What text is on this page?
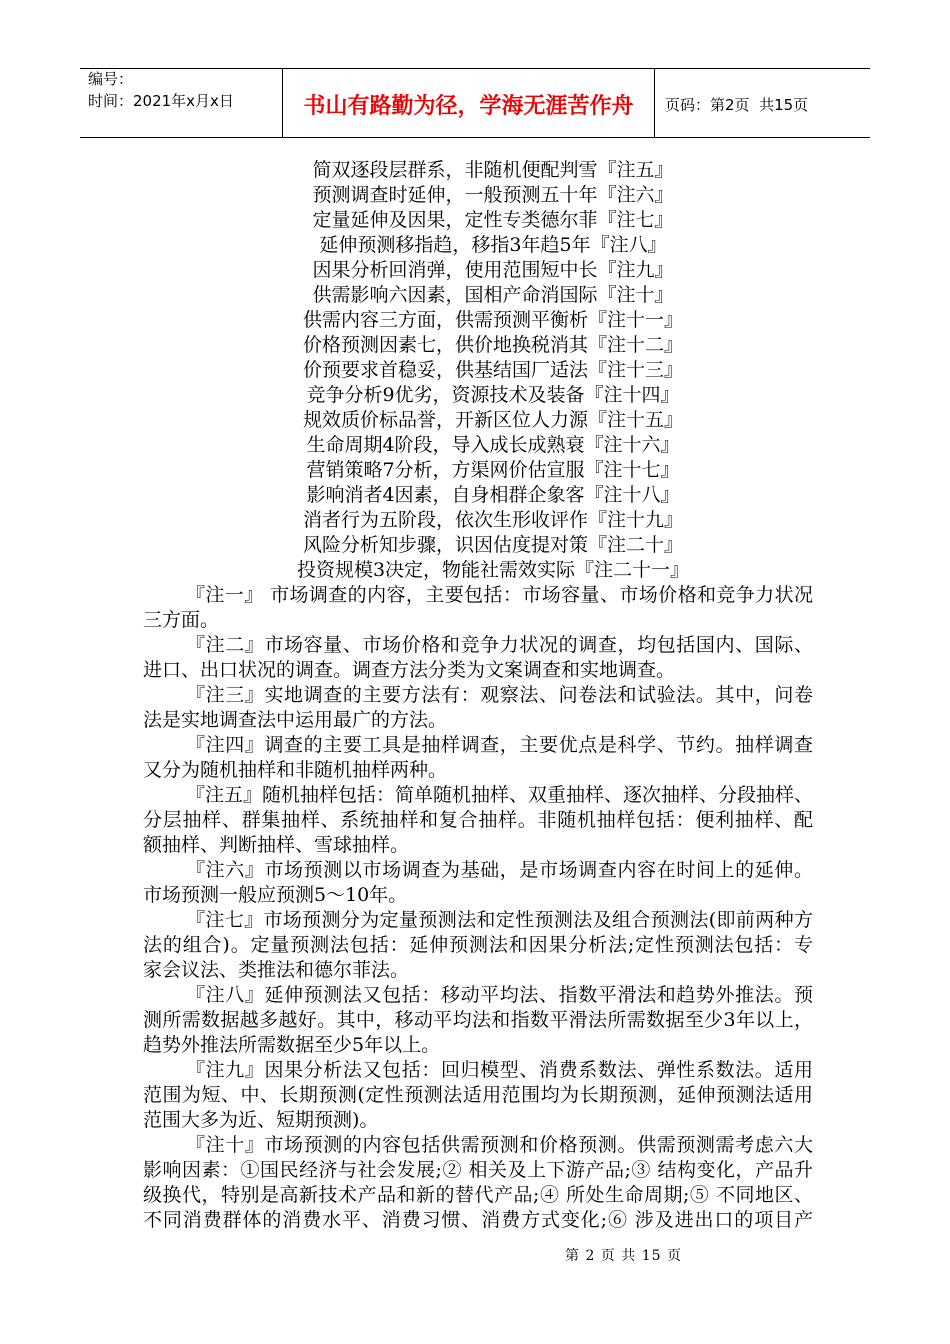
编号：
时间：2021年x月x日	书山有路勤为径，学海无涯苦作舟 页码：第2页  共15页
简双逐段层群系，非随机便配判雪『注五』
预测调查时延伸，一般预测五十年『注六』
定量延伸及因果，定性专类德尔菲『注七』
延伸预测移指趋，移指3年趋5年『注八』
因果分析回消弹，使用范围短中长『注九』
供需影响六因素，国相产命消国际『注十』
供需内容三方面，供需预测平衡析『注十一』
价格预测因素七，供价地换税消其『注十二』
价预要求首稳妥，供基结国厂适法『注十三』
竞争分析9优劣，资源技术及装备『注十四』
规效质价标品誉，开新区位人力源『注十五』
生命周期4阶段，导入成长成熟衰『注十六』
营销策略7分析，方渠网价估宣服『注十七』
影响消者4因素，自身相群企象客『注十八』
消者行为五阶段，依次生形收评作『注十九』
风险分析知步骤，识因估度提对策『注二十』
投资规模3决定，物能社需效实际『注二十一』
『注一』 市场调查的内容，主要包括：市场容量、市场价格和竞争力状况
三方面。
『注二』市场容量、市场价格和竞争力状况的调查，均包括国内、国际、
进口、出口状况的调查。调查方法分类为文案调查和实地调查。
『注三』实地调查的主要方法有：观察法、问卷法和试验法。其中，问卷
法是实地调查法中运用最广的方法。
『注四』调查的主要工具是抽样调查，主要优点是科学、节约。抽样调查
又分为随机抽样和非随机抽样两种。
『注五』随机抽样包括：简单随机抽样、双重抽样、逐次抽样、分段抽样、
分层抽样、群集抽样、系统抽样和复合抽样。非随机抽样包括：便利抽样、配
额抽样、判断抽样、雪球抽样。
『注六』市场预测以市场调查为基础，是市场调查内容在时间上的延伸。
市场预测一般应预测5～10年。
『注七』市场预测分为定量预测法和定性预测法及组合预测法(即前两种方
法的组合)。定量预测法包括：延伸预测法和因果分析法;定性预测法包括：专
家会议法、类推法和德尔菲法。
『注八』延伸预测法又包括：移动平均法、指数平滑法和趋势外推法。预
测所需数据越多越好。其中，移动平均法和指数平滑法所需数据至少3年以上，
趋势外推法所需数据至少5年以上。
『注九』因果分析法又包括：回归模型、消费系数法、弹性系数法。适用
范围为短、中、长期预测(定性预测法适用范围均为长期预测，延伸预测法适用
范围大多为近、短期预测)。
『注十』市场预测的内容包括供需预测和价格预测。供需预测需考虑六大
影响因素：①国民经济与社会发展;② 相关及上下游产品;③ 结构变化，产品升
级换代，特别是高新技术产品和新的替代产品;④ 所处生命周期;⑤ 不同地区、
不同消费群体的消费水平、消费习惯、消费方式变化;⑥ 涉及进出口的项目产
第 2 页 共 15 页
